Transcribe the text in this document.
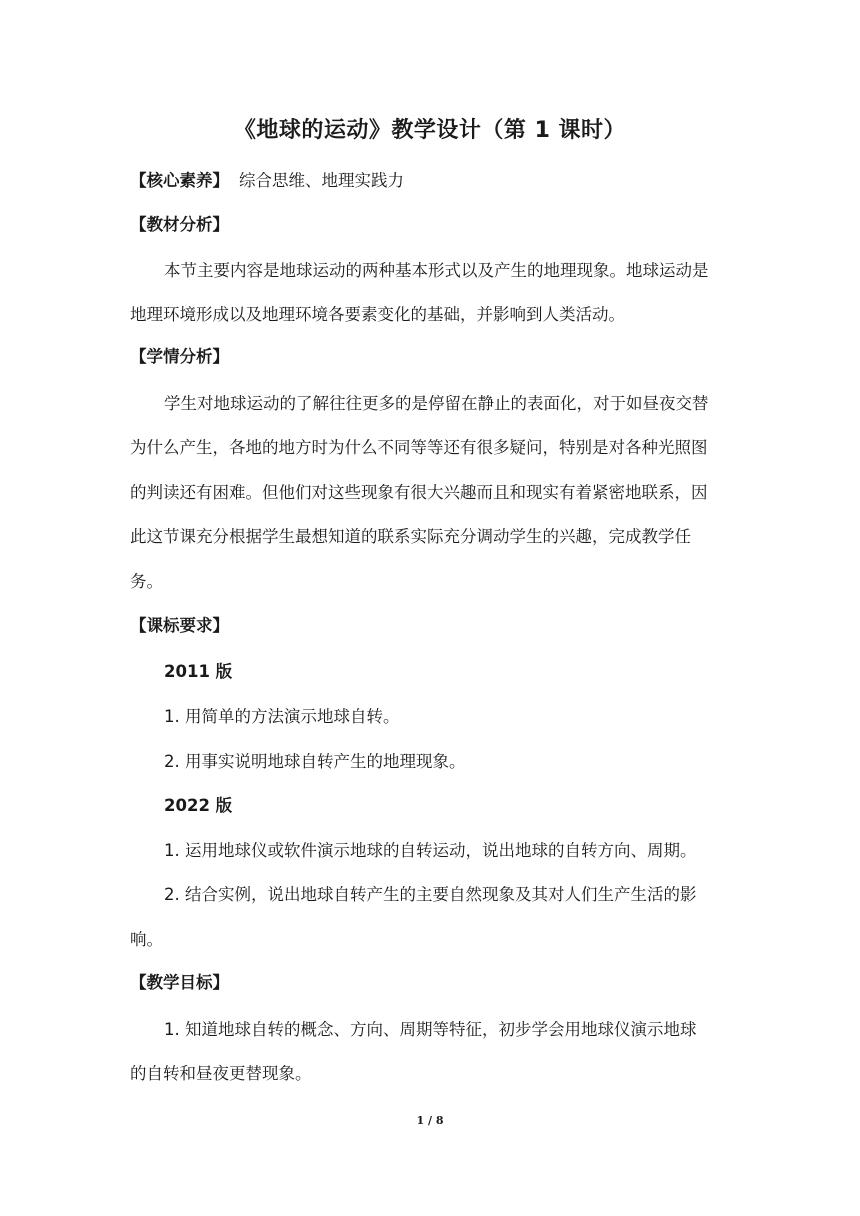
《地球的运动》教学设计（第 1 课时）
【核心素养】 综合思维、地理实践力
【教材分析】
本节主要内容是地球运动的两种基本形式以及产生的地理现象。地球运动是
地理环境形成以及地理环境各要素变化的基础，并影响到人类活动。
【学情分析】
学生对地球运动的了解往往更多的是停留在静止的表面化，对于如昼夜交替
为什么产生，各地的地方时为什么不同等等还有很多疑问，特别是对各种光照图
的判读还有困难。但他们对这些现象有很大兴趣而且和现实有着紧密地联系，因
此这节课充分根据学生最想知道的联系实际充分调动学生的兴趣，完成教学任
务。
【课标要求】
2011 版
1. 用简单的方法演示地球自转。
2. 用事实说明地球自转产生的地理现象。
2022 版
1. 运用地球仪或软件演示地球的自转运动，说出地球的自转方向、周期。
2. 结合实例，说出地球自转产生的主要自然现象及其对人们生产生活的影
响。
【教学目标】
1. 知道地球自转的概念、方向、周期等特征，初步学会用地球仪演示地球
的自转和昼夜更替现象。
1 / 8
